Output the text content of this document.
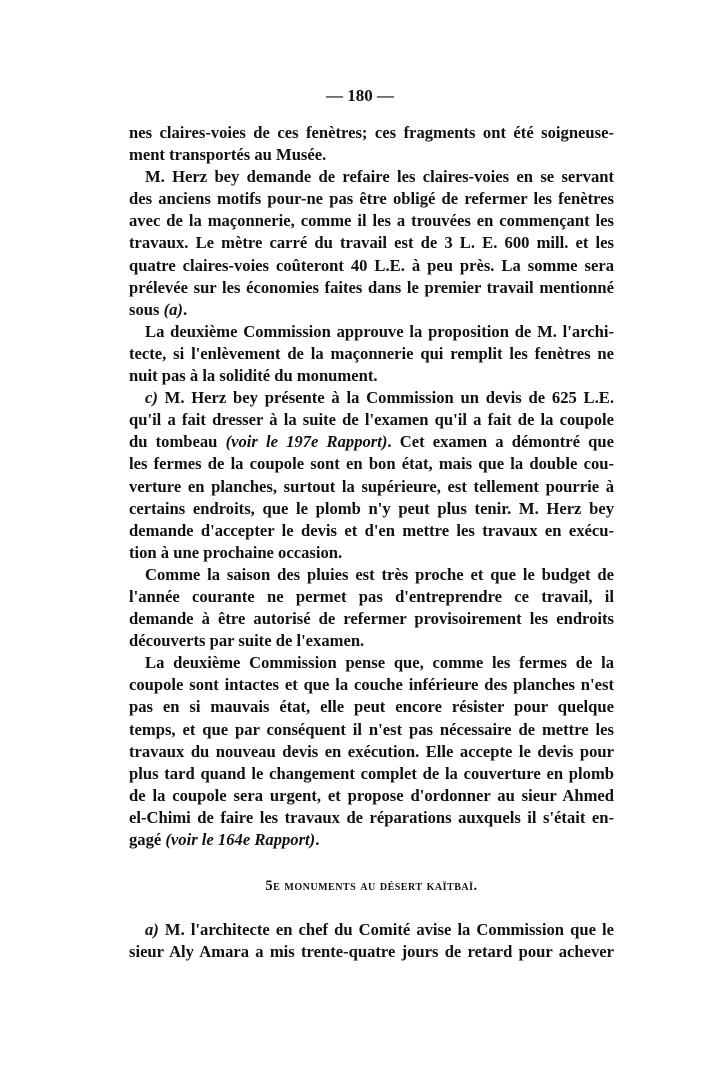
— 180 —
nes claires-voies de ces fenètres; ces fragments ont été soigneuse-
ment transportés au Musée.
M. Herz bey demande de refaire les claires-voies en se servant
des anciens motifs pour-ne pas être obligé de refermer les fenètres
avec de la maçonnerie, comme il les a trouvées en commençant les
travaux. Le mètre carré du travail est de 3 L. E. 600 mill. et les
quatre claires-voies coûteront 40 L.E. à peu près. La somme sera
prélevée sur les économies faites dans le premier travail mentionné
sous (a).
La deuxième Commission approuve la proposition de M. l'archi-
tecte, si l'enlèvement de la maçonnerie qui remplit les fenètres ne
nuit pas à la solidité du monument.
c) M. Herz bey présente à la Commission un devis de 625 L.E.
qu'il a fait dresser à la suite de l'examen qu'il a fait de la coupole
du tombeau (voir le 197e Rapport). Cet examen a démontré que
les fermes de la coupole sont en bon état, mais que la double cou-
verture en planches, surtout la supérieure, est tellement pourrie à
certains endroits, que le plomb n'y peut plus tenir. M. Herz bey
demande d'accepter le devis et d'en mettre les travaux en exécu-
tion à une prochaine occasion.
Comme la saison des pluies est très proche et que le budget de
l'année courante ne permet pas d'entreprendre ce travail, il
demande à être autorisé de refermer provisoirement les endroits
découverts par suite de l'examen.
La deuxième Commission pense que, comme les fermes de la
coupole sont intactes et que la couche inférieure des planches n'est
pas en si mauvais état, elle peut encore résister pour quelque
temps, et que par conséquent il n'est pas nécessaire de mettre les
travaux du nouveau devis en exécution. Elle accepte le devis pour
plus tard quand le changement complet de la couverture en plomb
de la coupole sera urgent, et propose d'ordonner au sieur Ahmed
el-Chimi de faire les travaux de réparations auxquels il s'était en-
gagé (voir le 164e Rapport).
5e monuments au désert kaïtbaï.
a) M. l'architecte en chef du Comité avise la Commission que le
sieur Aly Amara a mis trente-quatre jours de retard pour achever
